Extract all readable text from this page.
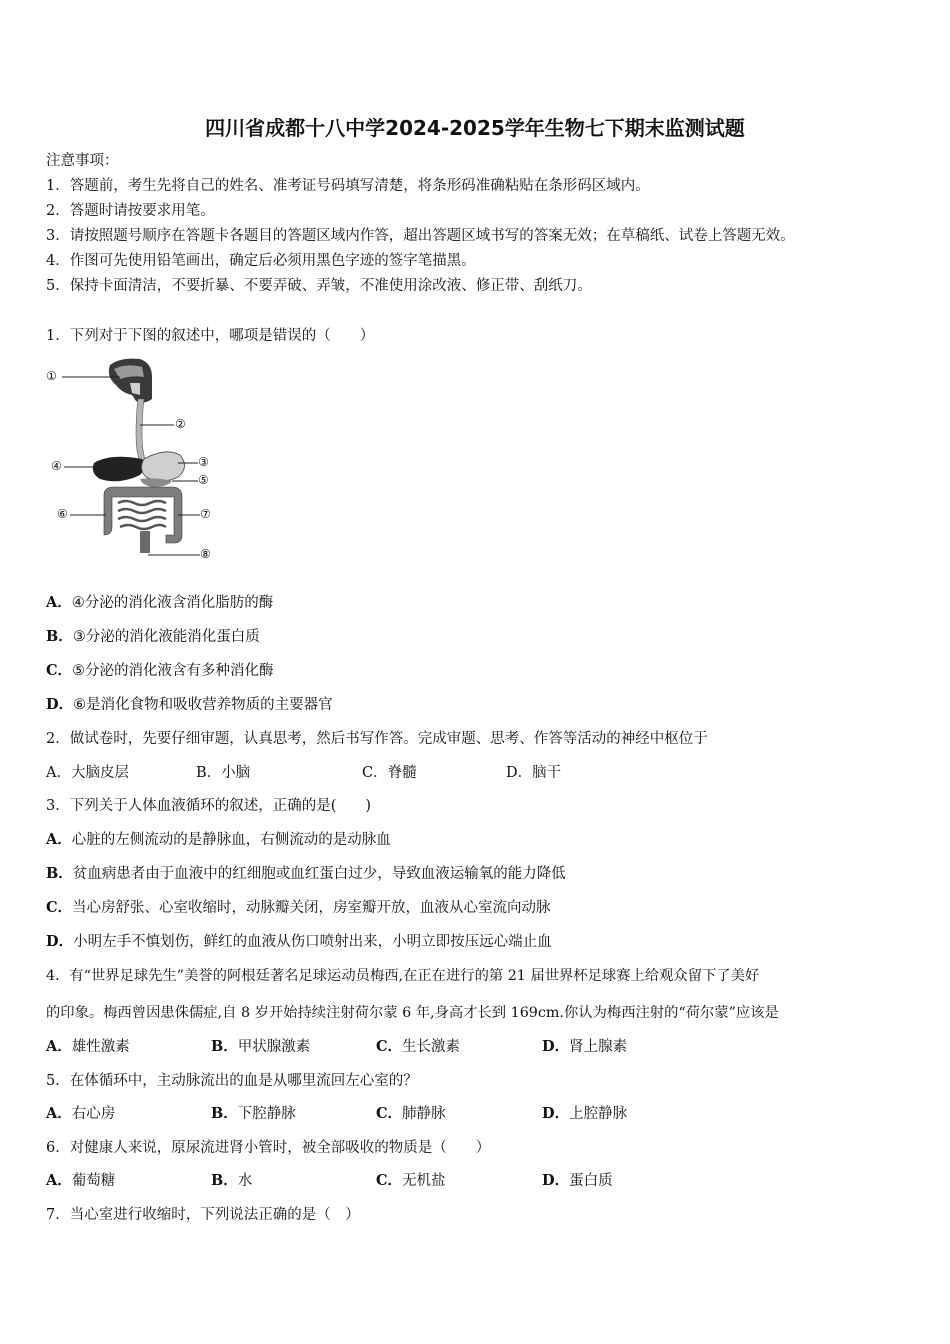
四川省成都十八中学2024-2025学年生物七下期末监测试题
注意事项：
1．答题前，考生先将自己的姓名、准考证号码填写清楚，将条形码准确粘贴在条形码区域内。
2．答题时请按要求用笔。
3．请按照题号顺序在答题卡各题目的答题区域内作答，超出答题区域书写的答案无效；在草稿纸、试卷上答题无效。
4．作图可先使用铅笔画出，确定后必须用黑色字迹的签字笔描黑。
5．保持卡面清洁，不要折暴、不要弄破、弄皱，不准使用涂改液、修正带、刮纸刀。
1．下列对于下图的叙述中，哪项是错误的（　　）
①
②
③
④
⑤
⑥	⑦
⑧
A．④分泌的消化液含消化脂肪的酶
B．③分泌的消化液能消化蛋白质
C．⑤分泌的消化液含有多种消化酶
D．⑥是消化食物和吸收营养物质的主要器官
2．做试卷时，先要仔细审题，认真思考，然后书写作答。完成审题、思考、作答等活动的神经中枢位于
A．大脑皮层	B．小脑	C．脊髓	D．脑干
3．下列关于人体血液循环的叙述，正确的是(　　)
A．心脏的左侧流动的是静脉血，右侧流动的是动脉血
B．贫血病患者由于血液中的红细胞或血红蛋白过少，导致血液运输氧的能力降低
C．当心房舒张、心室收缩时，动脉瓣关闭，房室瓣开放，血液从心室流向动脉
D．小明左手不慎划伤，鲜红的血液从伤口喷射出来，小明立即按压远心端止血
4．有“世界足球先生”美誉的阿根廷著名足球运动员梅西,在正在进行的第 21 届世界杯足球赛上给观众留下了美好
的印象。梅西曾因患侏儒症,自 8 岁开始持续注射荷尔蒙 6 年,身高才长到 169cm.你认为梅西注射的“荷尔蒙”应该是
A．雄性激素	B．甲状腺激素	C．生长激素	D．肾上腺素
5．在体循环中，主动脉流出的血是从哪里流回左心室的？
A．右心房	B．下腔静脉	C．肺静脉	D．上腔静脉
6．对健康人来说，原尿流进肾小管时，被全部吸收的物质是（　　）
A．葡萄糖	B．水	C．无机盐	D．蛋白质
7．当心室进行收缩时，下列说法正确的是（　）
